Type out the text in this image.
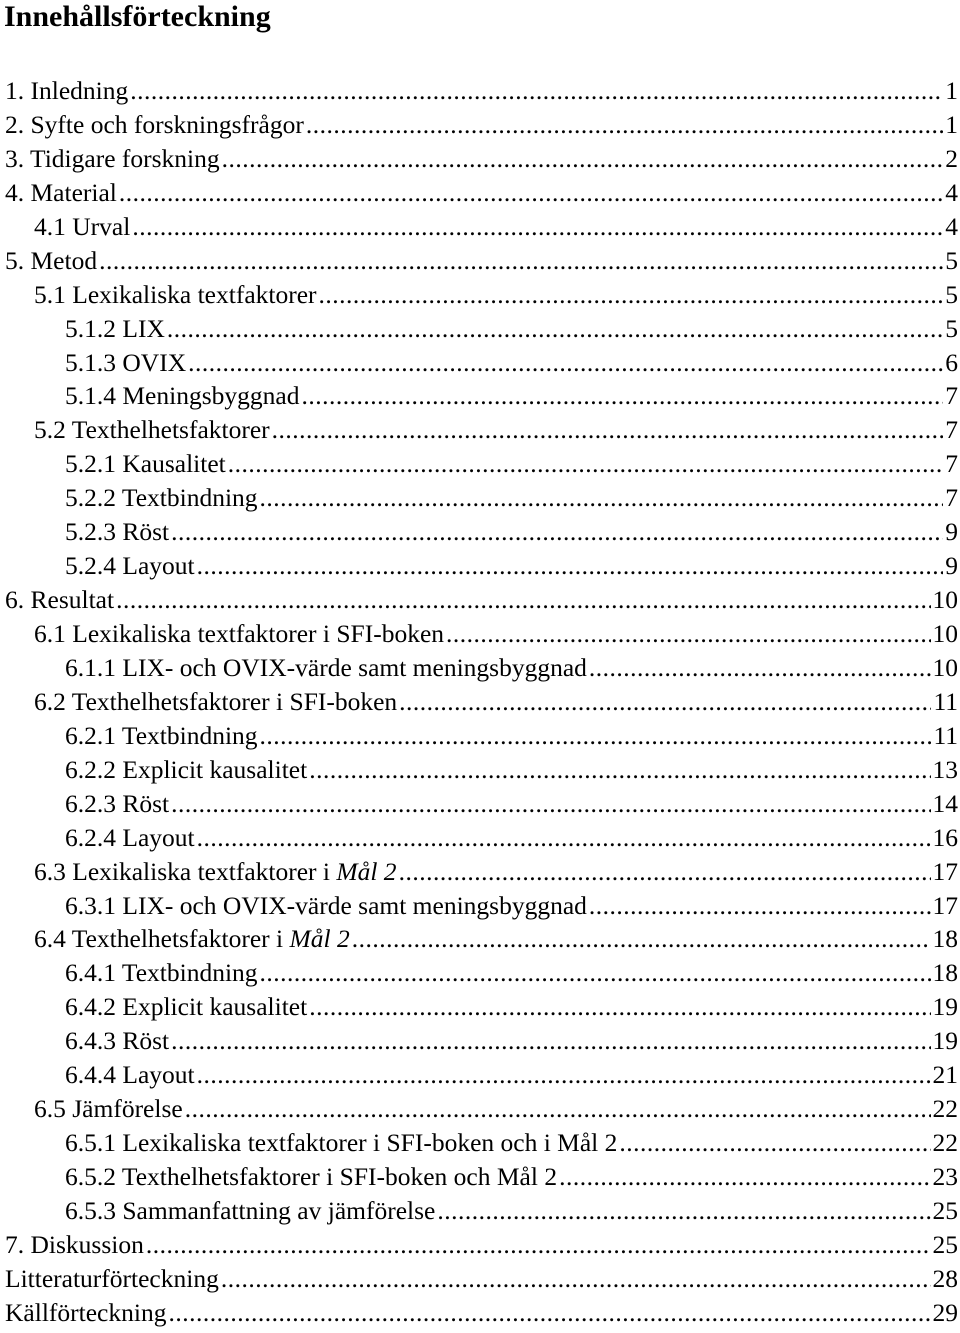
Innehållsförteckning
1. Inledning .....	1
2. Syfte och forskningsfrågor .....	1
3. Tidigare forskning .....	2
4. Material .....	4
4.1 Urval .....	4
5. Metod .....	5
5.1 Lexikaliska textfaktorer .....	5
5.1.2 LIX .....	5
5.1.3 OVIX .....	6
5.1.4 Meningsbyggnad .....	7
5.2 Texthelhetsfaktorer .....	7
5.2.1 Kausalitet .....	7
5.2.2 Textbindning .....	7
5.2.3 Röst .....	9
5.2.4 Layout .....	9
6. Resultat .....	10
6.1 Lexikaliska textfaktorer i SFI-boken .....	10
6.1.1 LIX- och OVIX-värde samt meningsbyggnad .....	10
6.2 Texthelhetsfaktorer i SFI-boken .....	11
6.2.1 Textbindning .....	11
6.2.2 Explicit kausalitet .....	13
6.2.3 Röst .....	14
6.2.4 Layout .....	16
6.3 Lexikaliska textfaktorer i Mål 2 .....	17
6.3.1 LIX- och OVIX-värde samt meningsbyggnad .....	17
6.4 Texthelhetsfaktorer i Mål 2 .....	18
6.4.1 Textbindning .....	18
6.4.2 Explicit kausalitet .....	19
6.4.3 Röst .....	19
6.4.4 Layout .....	21
6.5 Jämförelse .....	22
6.5.1 Lexikaliska textfaktorer i SFI-boken och i Mål 2 .....	22
6.5.2 Texthelhetsfaktorer i SFI-boken och Mål 2 .....	23
6.5.3 Sammanfattning av jämförelse .....	25
7. Diskussion .....	25
Litteraturförteckning .....	28
Källförteckning .....	29
